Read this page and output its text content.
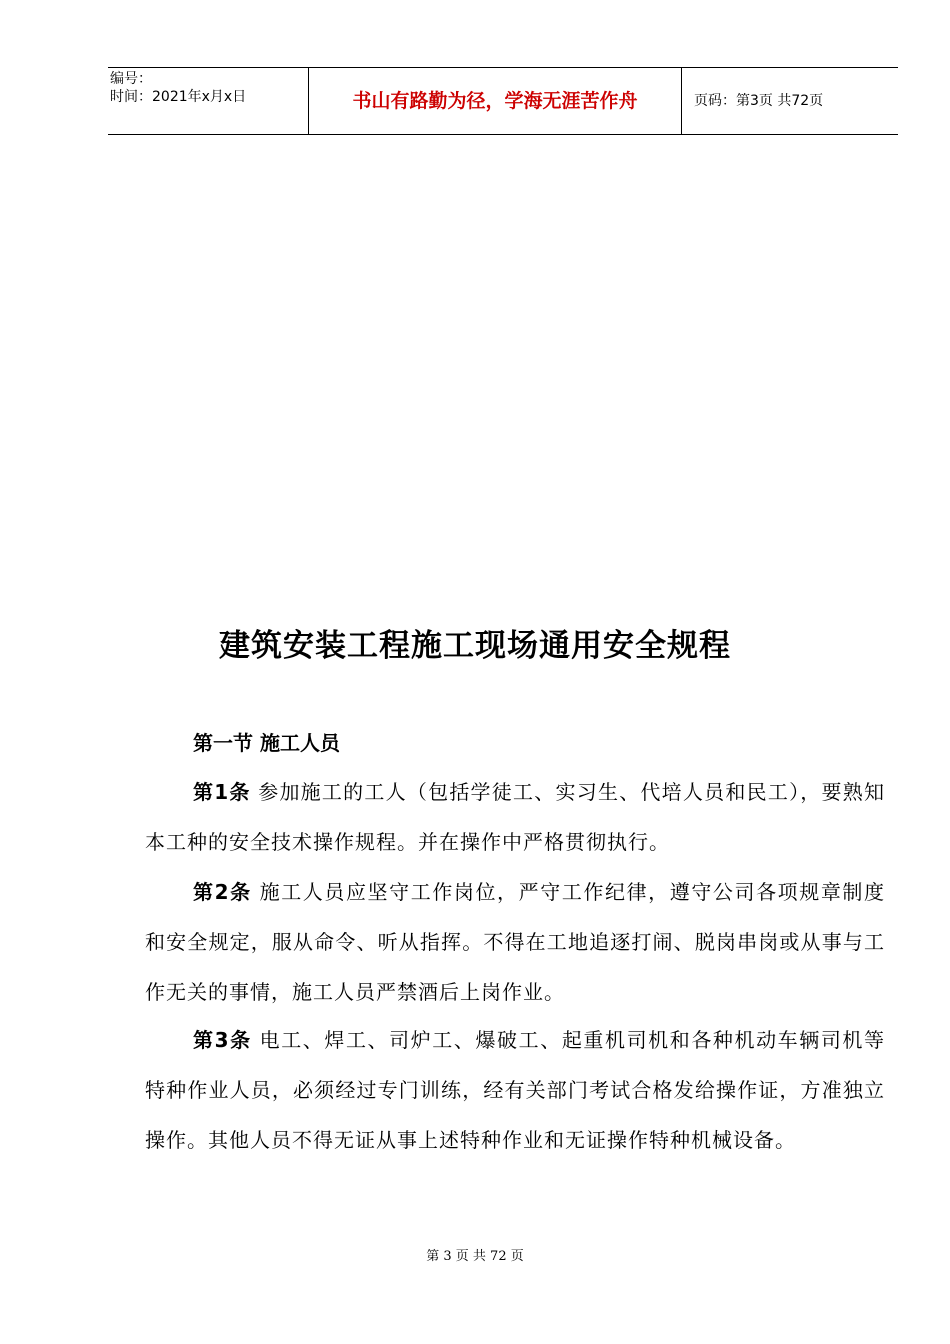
编号：
时间：2021年x月x日	书山有路勤为径，学海无涯苦作舟	页码：第3页 共72页
建筑安装工程施工现场通用安全规程
第一节 施工人员
第1条 参加施工的工人（包括学徒工、实习生、代培人员和民工），要熟知本工种的安全技术操作规程。并在操作中严格贯彻执行。
第2条 施工人员应坚守工作岗位，严守工作纪律，遵守公司各项规章制度和安全规定，服从命令、听从指挥。不得在工地追逐打闹、脱岗串岗或从事与工作无关的事情，施工人员严禁酒后上岗作业。
第3条 电工、焊工、司炉工、爆破工、起重机司机和各种机动车辆司机等特种作业人员，必须经过专门训练，经有关部门考试合格发给操作证，方准独立操作。其他人员不得无证从事上述特种作业和无证操作特种机械设备。
第 3 页 共 72 页
